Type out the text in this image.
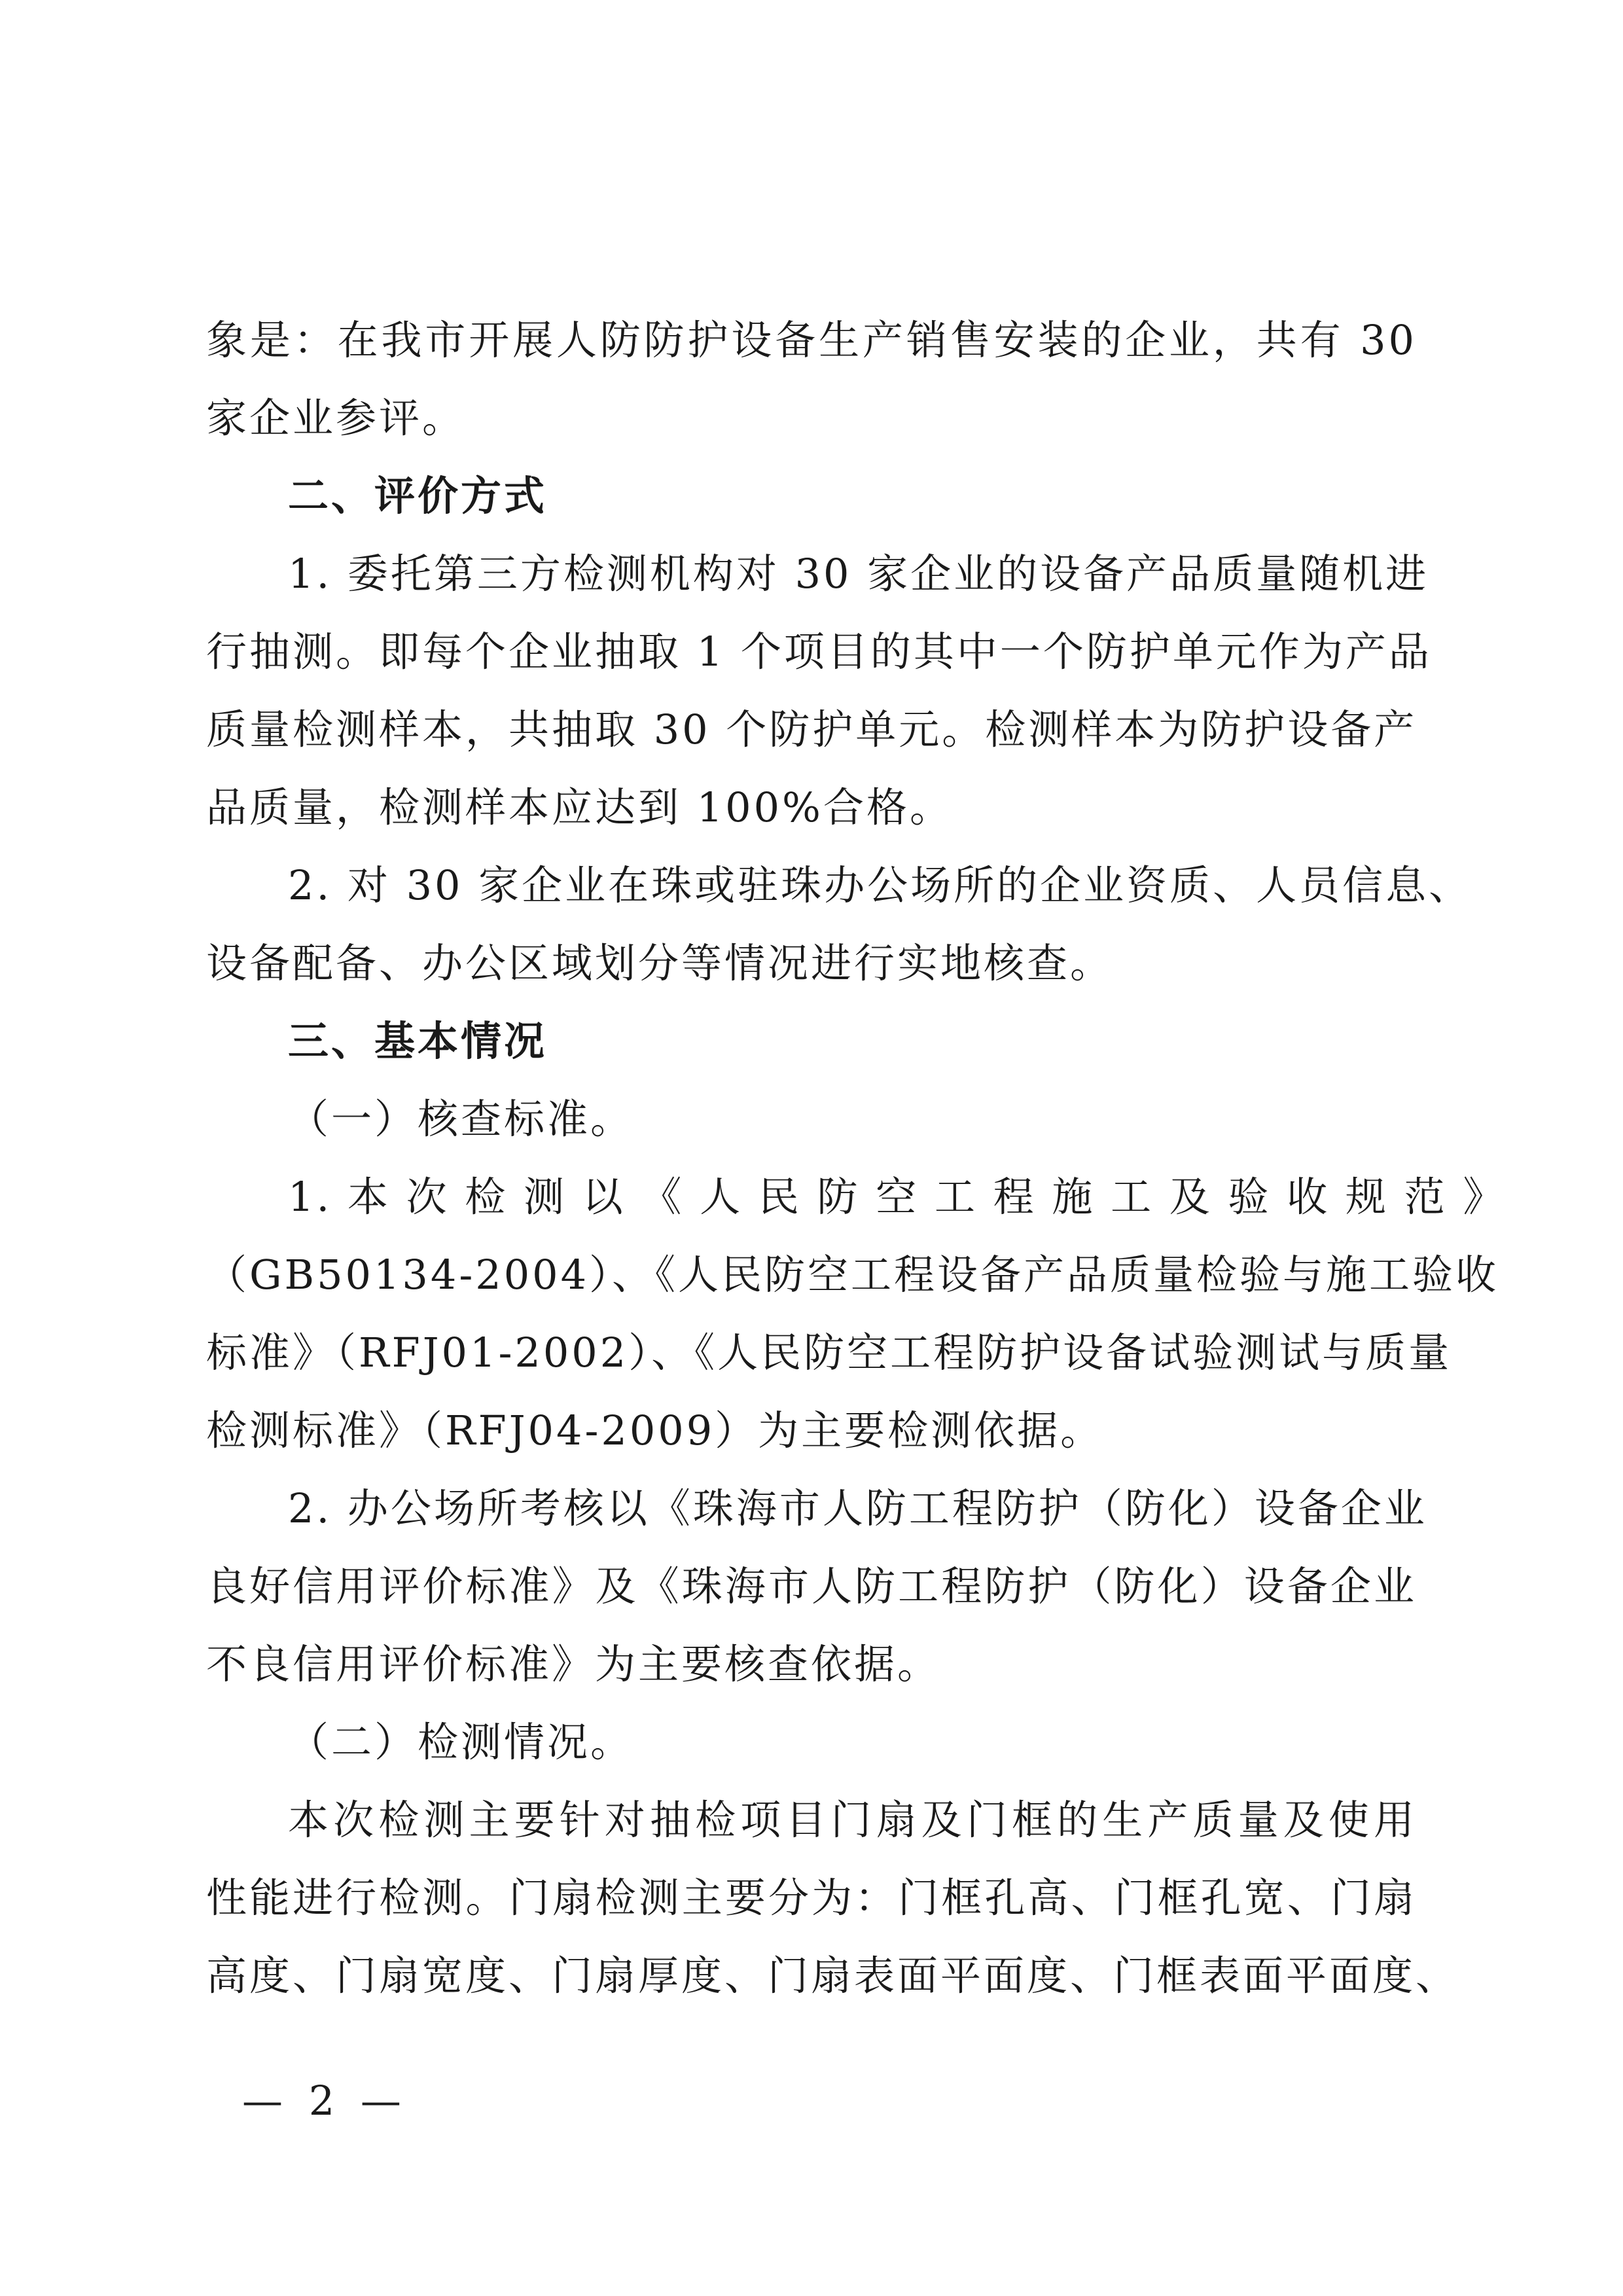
象是：在我市开展人防防护设备生产销售安装的企业，共有 30
家企业参评。
二、评价方式
1. 委托第三方检测机构对 30 家企业的设备产品质量随机进
行抽测。即每个企业抽取 1 个项目的其中一个防护单元作为产品
质量检测样本，共抽取 30 个防护单元。检测样本为防护设备产
品质量，检测样本应达到 100%合格。
2. 对 30 家企业在珠或驻珠办公场所的企业资质、人员信息、
设备配备、办公区域划分等情况进行实地核查。
三、基本情况
（一）核查标准。
1. 本 次 检 测 以 《 人 民 防 空 工 程 施 工 及 验 收 规 范 》
（GB50134-2004）、《人民防空工程设备产品质量检验与施工验收
标准》（RFJ01-2002）、《人民防空工程防护设备试验测试与质量
检测标准》（RFJ04-2009）为主要检测依据。
2. 办公场所考核以《珠海市人防工程防护（防化）设备企业
良好信用评价标准》及《珠海市人防工程防护（防化）设备企业
不良信用评价标准》为主要核查依据。
（二）检测情况。
本次检测主要针对抽检项目门扇及门框的生产质量及使用
性能进行检测。门扇检测主要分为：门框孔高、门框孔宽、门扇
高度、门扇宽度、门扇厚度、门扇表面平面度、门框表面平面度、
— 2 —
